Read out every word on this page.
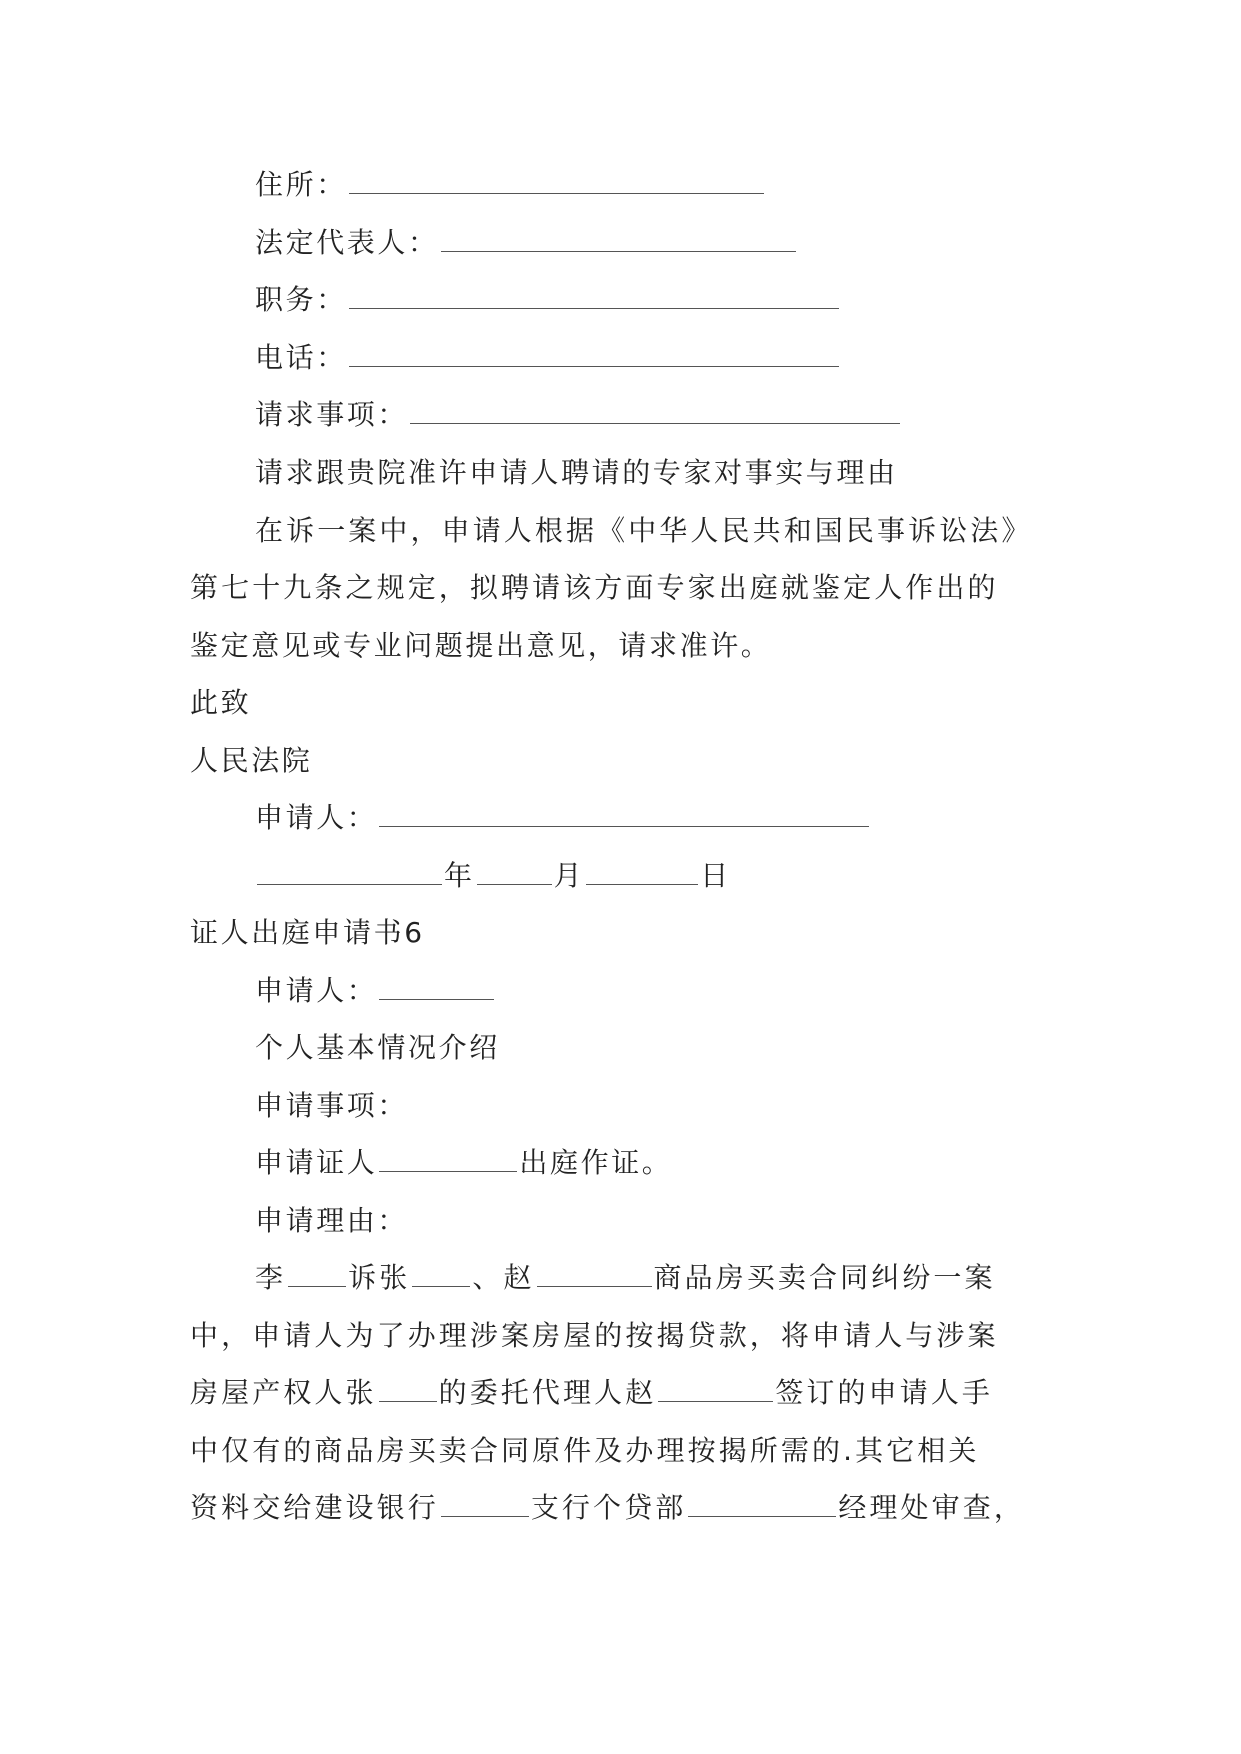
住所：
法定代表人：
职务：
电话：
请求事项：
请求跟贵院准许申请人聘请的专家对事实与理由
在诉一案中，申请人根据《中华人民共和国民事诉讼法》
第七十九条之规定，拟聘请该方面专家出庭就鉴定人作出的
鉴定意见或专业问题提出意见，请求准许。
此致
人民法院
申请人：
年	月	日
证人出庭申请书6
申请人：
个人基本情况介绍
申请事项：
申请证人	出庭作证。
申请理由：
李 诉张 、赵	商品房买卖合同纠纷一案
中，申请人为了办理涉案房屋的按揭贷款，将申请人与涉案
房屋产权人张 的委托代理人赵	签订的申请人手
中仅有的商品房买卖合同原件及办理按揭所需的.其它相关
资料交给建设银行	支行个贷部	经理处审查，
